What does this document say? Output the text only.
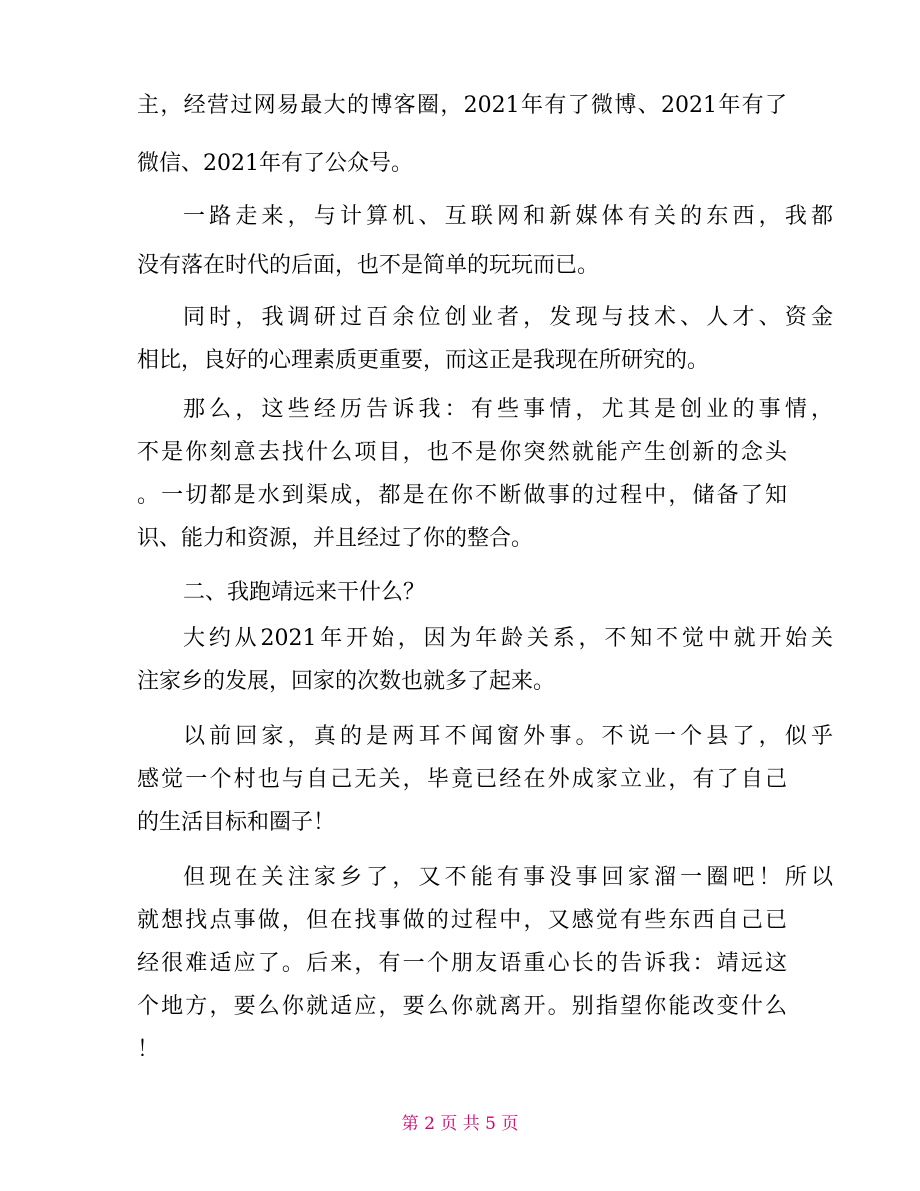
主，经营过网易最大的博客圈，2021年有了微博、2021年有了
微信、2021年有了公众号。
一路走来，与计算机、互联网和新媒体有关的东西，我都
没有落在时代的后面，也不是简单的玩玩而已。
同时，我调研过百余位创业者，发现与技术、人才、资金
相比，良好的心理素质更重要，而这正是我现在所研究的。
那么，这些经历告诉我：有些事情，尤其是创业的事情，
不是你刻意去找什么项目，也不是你突然就能产生创新的念头
。一切都是水到渠成，都是在你不断做事的过程中，储备了知
识、能力和资源，并且经过了你的整合。
二、我跑靖远来干什么？
大约从2021年开始，因为年龄关系，不知不觉中就开始关
注家乡的发展，回家的次数也就多了起来。
以前回家，真的是两耳不闻窗外事。不说一个县了，似乎
感觉一个村也与自己无关，毕竟已经在外成家立业，有了自己
的生活目标和圈子！
但现在关注家乡了，又不能有事没事回家溜一圈吧！所以
就想找点事做，但在找事做的过程中，又感觉有些东西自己已
经很难适应了。后来，有一个朋友语重心长的告诉我：靖远这
个地方，要么你就适应，要么你就离开。别指望你能改变什么
！
第 2 页 共 5 页
